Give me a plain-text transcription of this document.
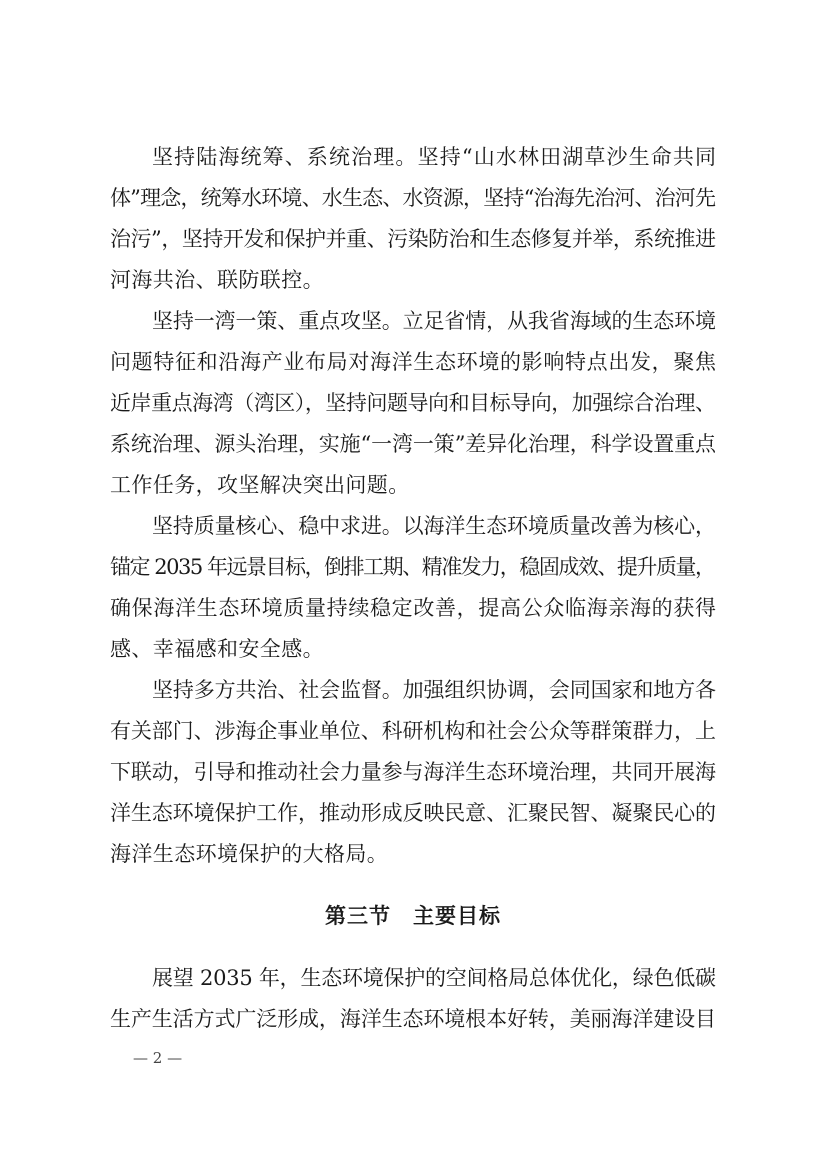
坚持陆海统筹、系统治理。坚持“山水林田湖草沙生命共同
体”理念，统筹水环境、水生态、水资源，坚持“治海先治河、治河先
治污”，坚持开发和保护并重、污染防治和生态修复并举，系统推进
河海共治、联防联控。
坚持一湾一策、重点攻坚。立足省情，从我省海域的生态环境
问题特征和沿海产业布局对海洋生态环境的影响特点出发，聚焦
近岸重点海湾（湾区），坚持问题导向和目标导向，加强综合治理、
系统治理、源头治理，实施“一湾一策”差异化治理，科学设置重点
工作任务，攻坚解决突出问题。
坚持质量核心、稳中求进。以海洋生态环境质量改善为核心，
锚定 2035 年远景目标，倒排工期、精准发力，稳固成效、提升质量，
确保海洋生态环境质量持续稳定改善，提高公众临海亲海的获得
感、幸福感和安全感。
坚持多方共治、社会监督。加强组织协调，会同国家和地方各
有关部门、涉海企事业单位、科研机构和社会公众等群策群力，上
下联动，引导和推动社会力量参与海洋生态环境治理，共同开展海
洋生态环境保护工作，推动形成反映民意、汇聚民智、凝聚民心的
海洋生态环境保护的大格局。
第三节　主要目标
展望 2035 年，生态环境保护的空间格局总体优化，绿色低碳
生产生活方式广泛形成，海洋生态环境根本好转，美丽海洋建设目
— 2 —
